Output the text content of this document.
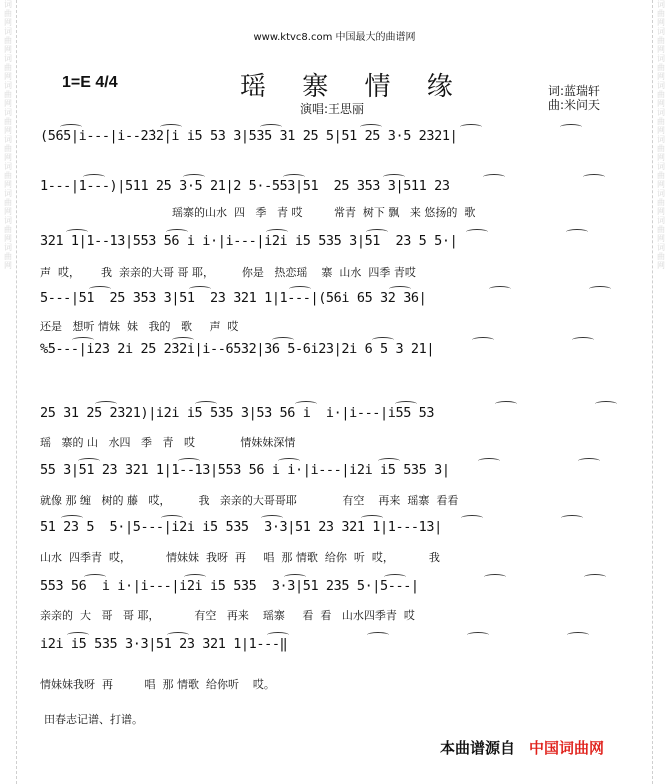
词
曲
网
词
曲
网
词
曲
网
词
曲
网
词
曲
网
词
曲
网
词
曲
网
词
曲
网
词
曲
网
词
曲
网
词
曲
网
词
曲
网
词
曲
网
词
曲
网
词
曲
网
词
曲
网
词
曲
网
词
曲
网
词
曲
网
词
曲
网
www.ktvc8.com 中国最大的曲谱网
1=E 4/4	瑶 寨 情 缘
演唱:王思丽
词:蓝瑞轩
曲:米问天
(565|i---|i--2̇32̇|i i5 53 3|535 31 25 5|51 25 3·5 2321|
1---|1---)|511 25 3·5 21|2 5·-553|51  25 353 3|511 23
321 1|1--13|553 56 i i·|i---|i2i i5 535 3|51  23 5 5·|
5---|51  25 353 3|51  23 321 1|1---|(56i 65 32 36|
%5---|i23 2i 25 232i|i--6532|36 5-6i23|2i 6 5 3 21|
25 31 25 2321)|i2i i5 535 3|53 56 i  i·|i---|i55 53
55 3|51 23 321 1|1--13|553 56 i i·|i---|i2i i5 535 3|
51 23 5  5·|5---|i2i i5 535  3·3|51 23 321 1|1---13|
553 56  i i·|i---|i2i i5 535  3·3|51 235 5·|5---|
i2i i5 535 3·3|51 23 321 1|1---‖
瑶寨的山水  四   季   青 哎         常青  树下 飘   来 悠扬的  歌
声  哎，      我  亲亲的大哥 哥 耶，        你是   热恋瑶    寨  山水  四季 青哎
还是   想听 情妹  妹   我的   歌     声  哎
瑶   寨的 山   水四   季   青   哎             情妹妹深情
就像 那 缠   树的 藤   哎，        我   亲亲的大哥哥耶             有空    再来  瑶寨  看看
山水  四季青  哎，          情妹妹  我呀  再     唱  那 情歌  给你  听  哎，          我
亲亲的  大   哥   哥 耶，          有空   再来    瑶寨     看  看   山水四季青  哎
情妹妹我呀  再         唱  那 情歌  给你听    哎。
田春志记谱、打谱。
本曲谱源自 中国词曲网
